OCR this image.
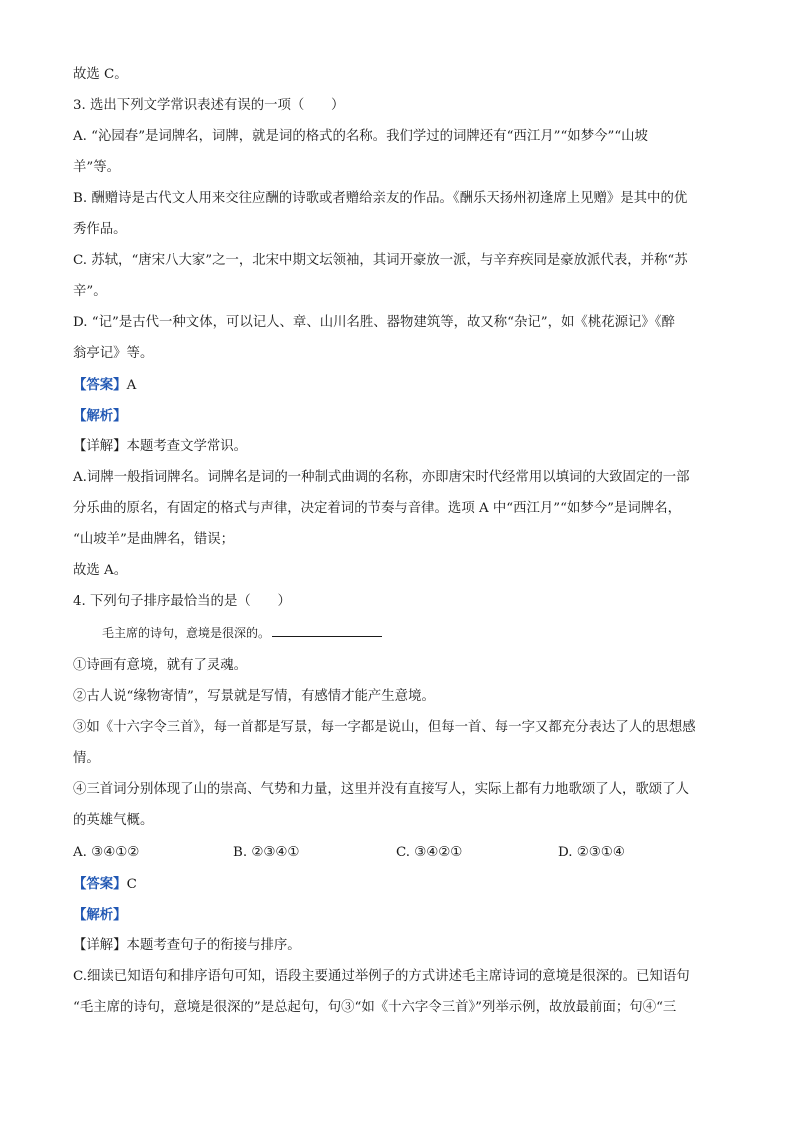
故选 C。
3. 选出下列文学常识表述有误的一项（　　）
A. “沁园春”是词牌名，词牌，就是词的格式的名称。我们学过的词牌还有“西江月”“如梦今”“山坡
羊”等。
B. 酬赠诗是古代文人用来交往应酬的诗歌或者赠给亲友的作品。《酬乐天扬州初逢席上见赠》是其中的优
秀作品。
C. 苏轼，“唐宋八大家”之一，北宋中期文坛领袖，其词开豪放一派，与辛弃疾同是豪放派代表，并称“苏
辛”。
D. “记”是古代一种文体，可以记人、章、山川名胜、器物建筑等，故又称“杂记”，如《桃花源记》《醉
翁亭记》等。
【答案】A
【解析】
【详解】本题考查文学常识。
A.词牌一般指词牌名。词牌名是词的一种制式曲调的名称，亦即唐宋时代经常用以填词的大致固定的一部
分乐曲的原名，有固定的格式与声律，决定着词的节奏与音律。选项 A 中“西江月”“如梦今”是词牌名，
“山坡羊”是曲牌名，错误；
故选 A。
4. 下列句子排序最恰当的是（　　）
毛主席的诗句，意境是很深的。
①诗画有意境，就有了灵魂。
②古人说“缘物寄情”，写景就是写情，有感情才能产生意境。
③如《十六字令三首》，每一首都是写景，每一字都是说山，但每一首、每一字又都充分表达了人的思想感
情。
④三首词分别体现了山的崇高、气势和力量，这里并没有直接写人，实际上都有力地歌颂了人，歌颂了人
的英雄气概。
A. ③④①②	B. ②③④①	C. ③④②①	D. ②③①④
【答案】C
【解析】
【详解】本题考查句子的衔接与排序。
C.细读已知语句和排序语句可知，语段主要通过举例子的方式讲述毛主席诗词的意境是很深的。已知语句
“毛主席的诗句，意境是很深的”是总起句，句③“如《十六字令三首》”列举示例，故放最前面；句④“三
